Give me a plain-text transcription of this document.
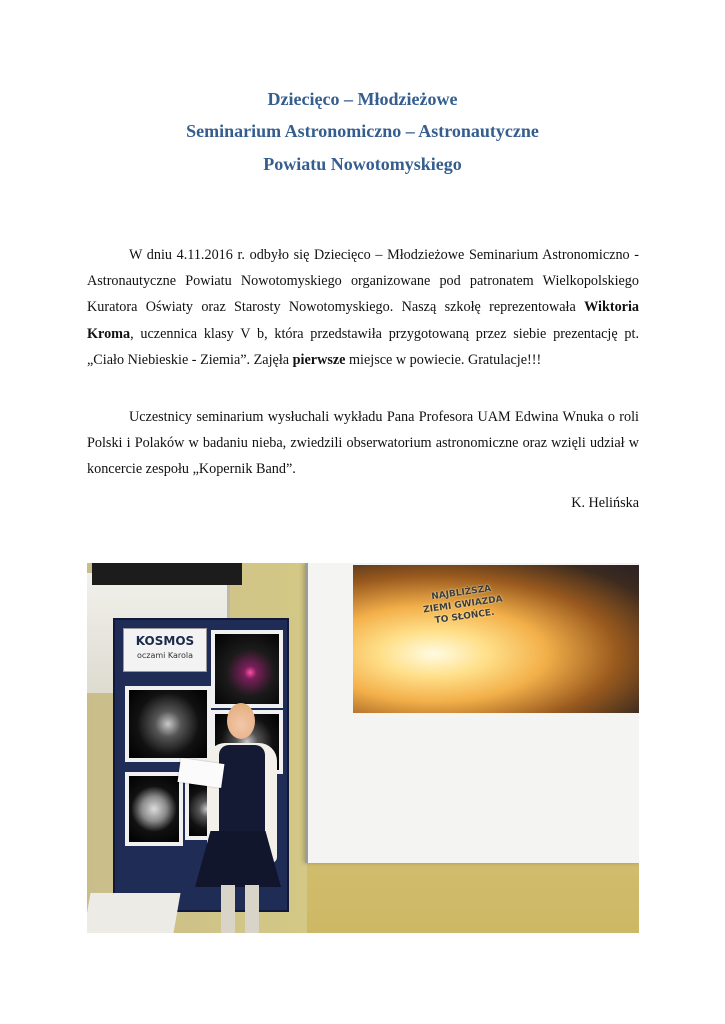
Dziecięco – Młodzieżowe
Seminarium Astronomiczno – Astronautyczne
Powiatu Nowotomyskiego
W dniu 4.11.2016 r. odbyło się Dziecięco – Młodzieżowe Seminarium Astronomiczno - Astronautyczne Powiatu Nowotomyskiego organizowane pod patronatem Wielkopolskiego Kuratora Oświaty oraz Starosty Nowotomyskiego. Naszą szkołę reprezentowała Wiktoria Kroma, uczennica klasy V b, która przedstawiła przygotowaną przez siebie prezentację pt. „Ciało Niebieskie - Ziemia”. Zajęła pierwsze miejsce w powiecie. Gratulacje!!!
Uczestnicy seminarium wysłuchali wykładu Pana Profesora UAM Edwina Wnuka o roli Polski i Polaków w badaniu nieba, zwiedzili obserwatorium astronomiczne oraz wzięli udział w koncercie zespołu „Kopernik Band”.
K. Helińska
KOSMOS
oczami Karola
NAJBLIŻSZA ZIEMI GWIAZDA TO SŁOŃCE.
